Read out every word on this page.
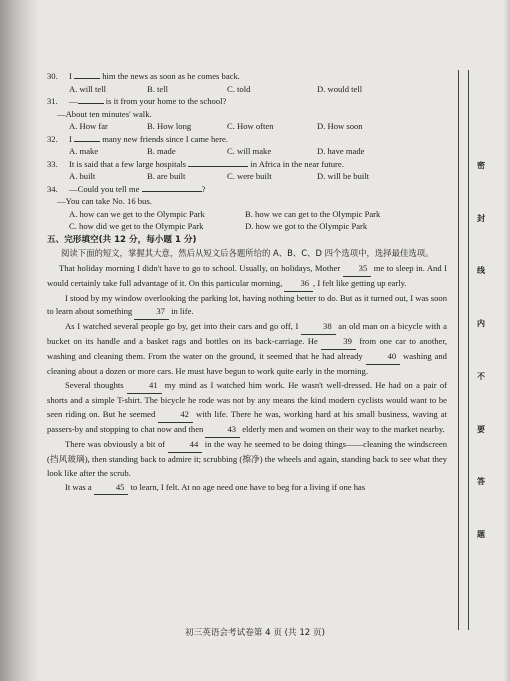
30. I	him the news as soon as he comes back.
A. will tell	B. tell	C. told	D. would tell
31. —	is it from your home to the school?
—About ten minutes' walk.
A. How far	B. How long	C. How often	D. How soon
32. I	many new friends since I came here.
A. make	B. made	C. will make	D. have made
33. It is said that a few large hospitals	in Africa in the near future.
A. built	B. are built	C. were built	D. will be built
34. —Could you tell me	?
—You can take No. 16 bus.
A. how can we get to the Olympic Park	B. how we can get to the Olympic Park
C. how did we get to the Olympic Park	D. how we got to the Olympic Park
五、完形填空(共 12 分，每小题 1 分)
阅读下面的短文，掌握其大意，然后从短文后各题所给的 A、B、C、D 四个选项中，选择最佳选项。

That holiday morning I didn't have to go to school. Usually, on holidays, Mother 35 me to sleep in. And I would certainly take full advantage of it. On this particular morning, 36 , I felt like getting up early.

I stood by my window overlooking the parking lot, having nothing better to do. But as it turned out, I was soon to learn about something	37 in life.

As I watched several people go by, get into their cars and go off, I	38 an old man on a bicycle with a bucket on its handle and a basket rags and bottles on its back-carriage. He	39 from one car to another, washing and cleaning them. From the water on the ground, it seemed that he had already	40 washing and cleaning about a dozen or more cars. He must have begun to work quite early in the morning.

Several thoughts	41 my mind as I watched him work. He wasn't well-dressed. He had on a pair of shorts and a simple T-shirt. The bicycle he rode was not by any means the kind modern cyclists would want to be seen riding on. But he seemed	42 with life. There he was, working hard at his small business, waving at passers-by and stopping to chat now and then	43 elderly men and women on their way to the market nearby.

There was obviously a bit of	44 in the way he seemed to be doing things——cleaning the windscreen (挡风玻璃), then standing back to admire it; scrubbing (擦净) the wheels and again, standing back to see what they look like after the scrub.

It was a	45 to learn, I felt. At no age need one have to beg for a living if one has

密
封
线
内
不
要
答
题
初三英语会考试卷第 4 页 (共 12 页)
